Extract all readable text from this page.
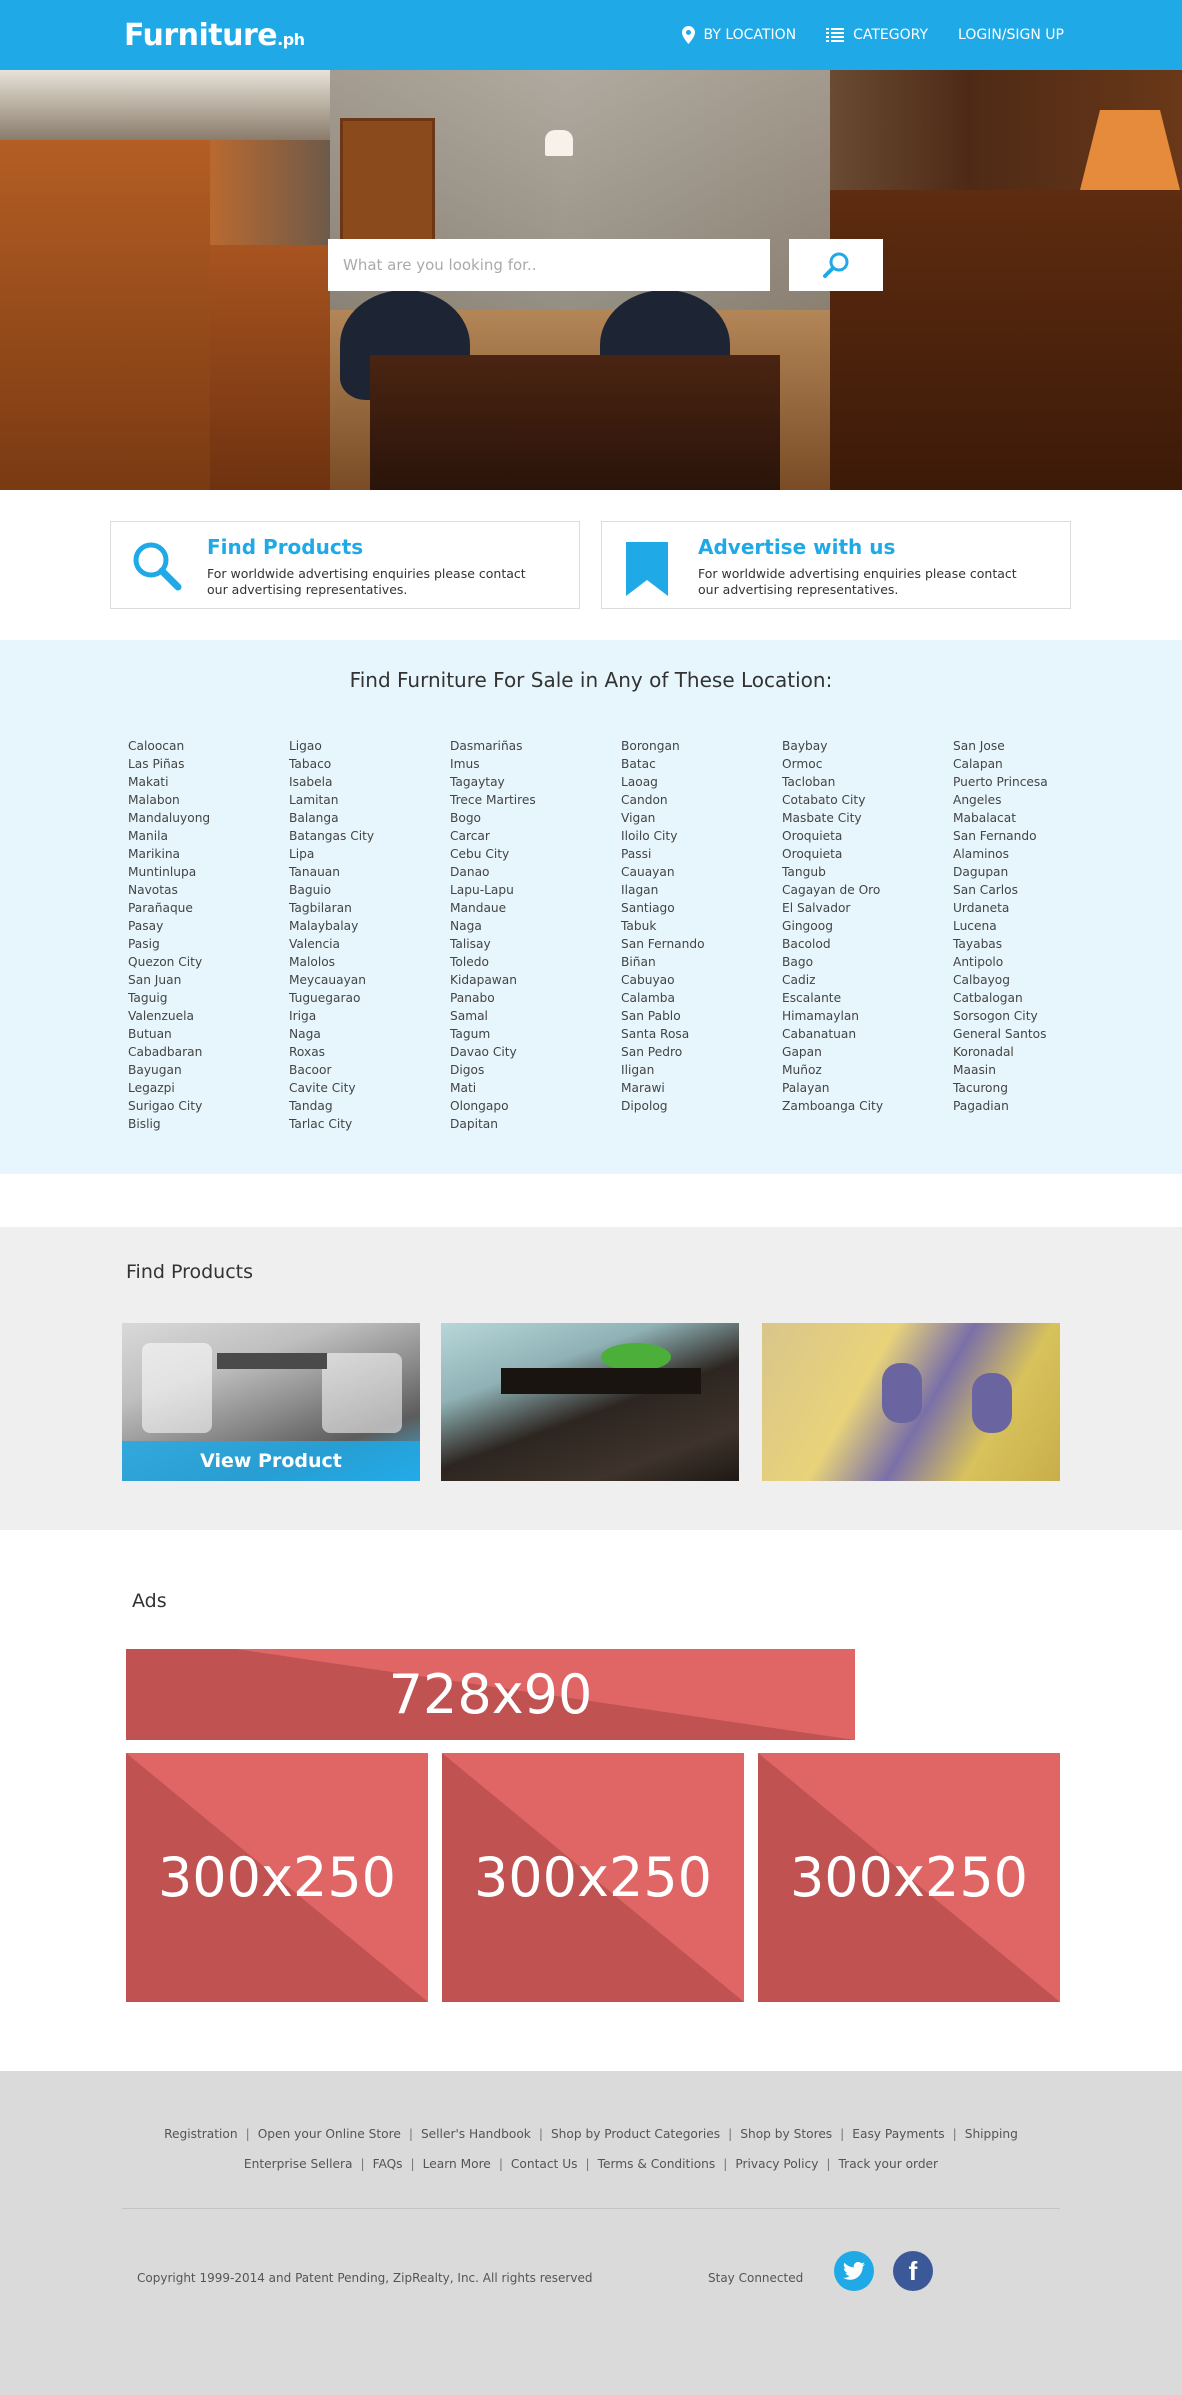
Furniture.ph	BY LOCATION	CATEGORY LOGIN/SIGN UP
What are you looking for..
Find Products
For worldwide advertising enquiries please contact our advertising representatives.
Advertise with us
For worldwide advertising enquiries please contact our advertising representatives.
Find Furniture For Sale in Any of These Location:
Caloocan
Las Piñas
Makati
Malabon
Mandaluyong
Manila
Marikina
Muntinlupa
Navotas
Parañaque
Pasay
Pasig
Quezon City
San Juan
Taguig
Valenzuela
Butuan
Cabadbaran
Bayugan
Legazpi
Surigao City
Bislig
Ligao
Tabaco
Isabela
Lamitan
Balanga
Batangas City
Lipa
Tanauan
Baguio
Tagbilaran
Malaybalay
Valencia
Malolos
Meycauayan
Tuguegarao
Iriga
Naga
Roxas
Bacoor
Cavite City
Tandag
Tarlac City
Dasmariñas
Imus
Tagaytay
Trece Martires
Bogo
Carcar
Cebu City
Danao
Lapu-Lapu
Mandaue
Naga
Talisay
Toledo
Kidapawan
Panabo
Samal
Tagum
Davao City
Digos
Mati
Olongapo
Dapitan
Borongan
Batac
Laoag
Candon
Vigan
Iloilo City
Passi
Cauayan
Ilagan
Santiago
Tabuk
San Fernando
Biñan
Cabuyao
Calamba
San Pablo
Santa Rosa
San Pedro
Iligan
Marawi
Dipolog
Baybay
Ormoc
Tacloban
Cotabato City
Masbate City
Oroquieta
Oroquieta
Tangub
Cagayan de Oro
El Salvador
Gingoog
Bacolod
Bago
Cadiz
Escalante
Himamaylan
Cabanatuan
Gapan
Muñoz
Palayan
Zamboanga City
San Jose
Calapan
Puerto Princesa
Angeles
Mabalacat
San Fernando
Alaminos
Dagupan
San Carlos
Urdaneta
Lucena
Tayabas
Antipolo
Calbayog
Catbalogan
Sorsogon City
General Santos
Koronadal
Maasin
Tacurong
Pagadian
Find Products
View Product
Ads
728x90
300x250 300x250 300x250
Registration | Open your Online Store | Seller's Handbook | Shop by Product Categories | Shop by Stores | Easy Payments | Shipping
Enterprise Sellera | FAQs | Learn More | Contact Us | Terms & Conditions | Privacy Policy | Track your order
Copyright 1999-2014 and Patent Pending, ZipRealty, Inc. All rights reserved	Stay Connected	f
